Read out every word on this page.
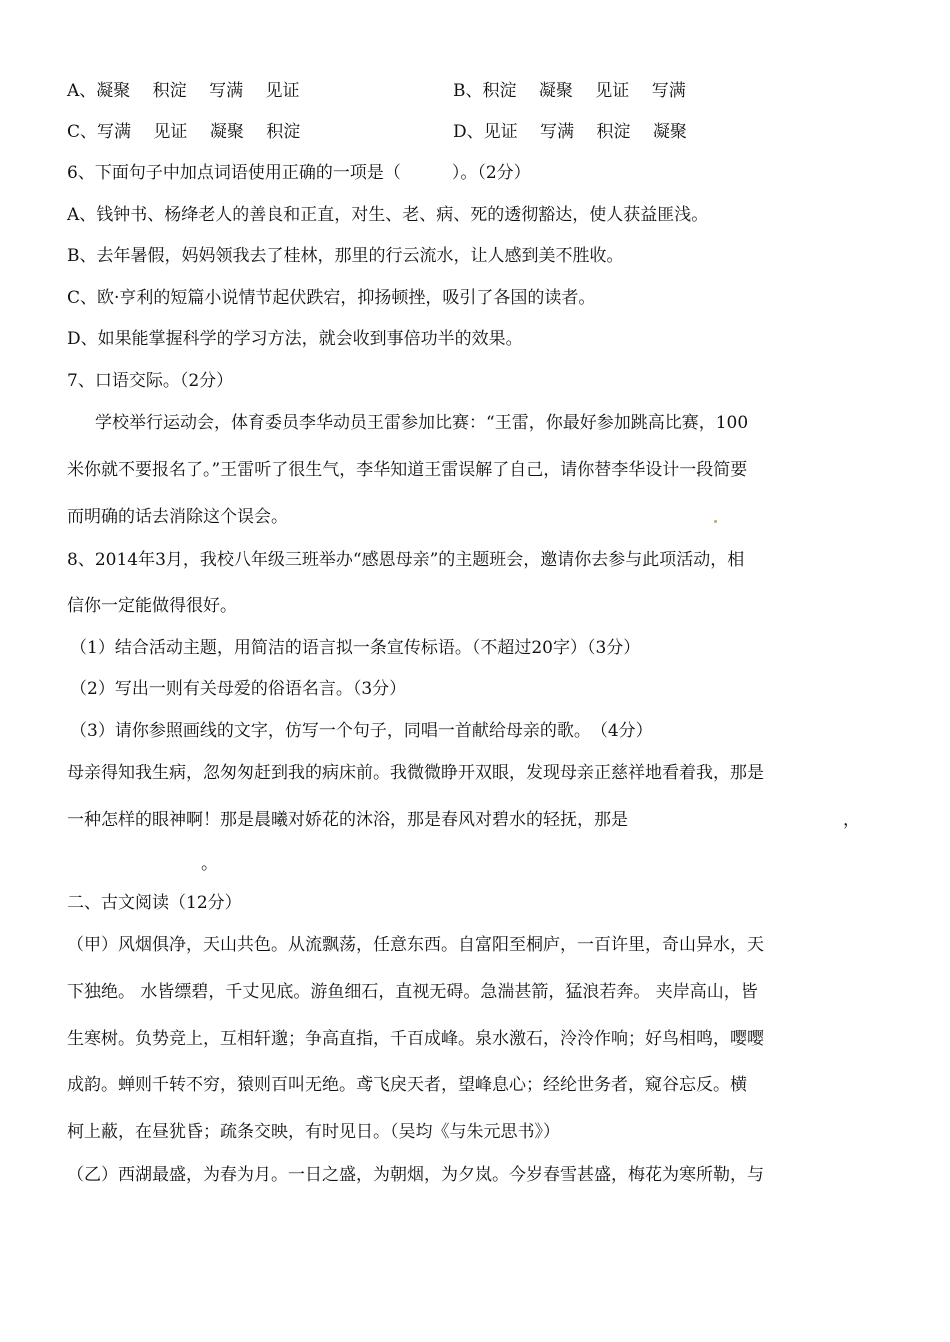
A、凝聚　 积淀　 写满　 见证	B、积淀　 凝聚　 见证　 写满
C、写满　 见证　 凝聚　 积淀	D、见证　 写满　 积淀　 凝聚
6、下面句子中加点词语使用正确的一项是（　　　）。（2分）
A、钱钟书、杨绛老人的善良和正直，对生、老、病、死的透彻豁达，使人获益匪浅。
B、去年暑假，妈妈领我去了桂林，那里的行云流水，让人感到美不胜收。
C、欧·亨利的短篇小说情节起伏跌宕，抑扬顿挫，吸引了各国的读者。
D、如果能掌握科学的学习方法，就会收到事倍功半的效果。
7、口语交际。（2分）
学校举行运动会，体育委员李华动员王雷参加比赛：“王雷，你最好参加跳高比赛，100
米你就不要报名了。”王雷听了很生气，李华知道王雷误解了自己，请你替李华设计一段简要
而明确的话去消除这个误会。
8、2014年3月，我校八年级三班举办“感恩母亲”的主题班会，邀请你去参与此项活动，相
信你一定能做得很好。
（1）结合活动主题，用简洁的语言拟一条宣传标语。（不超过20字）（3分）
（2）写出一则有关母爱的俗语名言。（3分）
（3）请你参照画线的文字，仿写一个句子，同唱一首献给母亲的歌。　（4分）
母亲得知我生病，忽匆匆赶到我的病床前。我微微睁开双眼，发现母亲正慈祥地看着我，那是
一种怎样的眼神啊！那是晨曦对娇花的沐浴，那是春风对碧水的轻抚，那是	，
。
二、古文阅读（12分）
（甲）风烟俱净，天山共色。从流飘荡，任意东西。自富阳至桐庐，一百许里，奇山异水，天
下独绝。 水皆缥碧，千丈见底。游鱼细石，直视无碍。急湍甚箭，猛浪若奔。 夹岸高山，皆
生寒树。负势竞上，互相轩邈；争高直指，千百成峰。泉水激石，泠泠作响；好鸟相鸣，嘤嘤
成韵。蝉则千转不穷，猿则百叫无绝。鸢飞戾天者，望峰息心；经纶世务者，窥谷忘反。横
柯上蔽，在昼犹昏；疏条交映，有时见日。（吴均《与朱元思书》）
（乙）西湖最盛，为春为月。一日之盛，为朝烟，为夕岚。今岁春雪甚盛，梅花为寒所勒，与
